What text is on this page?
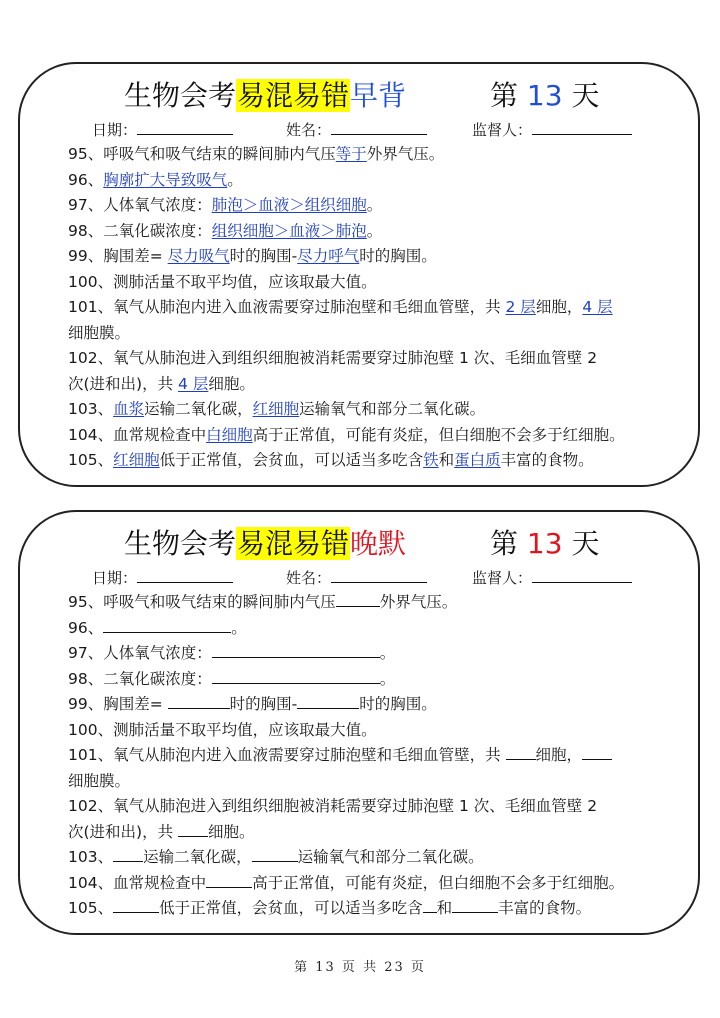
生物会考易混易错早背	第 13 天
日期：	姓名：	监督人：
95、呼吸气和吸气结束的瞬间肺内气压等于外界气压。
96、胸廓扩大导致吸气。
97、人体氧气浓度：肺泡＞血液＞组织细胞。
98、二氧化碳浓度：组织细胞＞血液＞肺泡。
99、胸围差= 尽力吸气时的胸围-尽力呼气时的胸围。
100、测肺活量不取平均值，应该取最大值。
101、氧气从肺泡内进入血液需要穿过肺泡壁和毛细血管壁，共 2 层细胞，4 层
细胞膜。
102、氧气从肺泡进入到组织细胞被消耗需要穿过肺泡壁 1 次、毛细血管壁 2
次(进和出)，共 4 层细胞。
103、血浆运输二氧化碳，红细胞运输氧气和部分二氧化碳。
104、血常规检查中白细胞高于正常值，可能有炎症，但白细胞不会多于红细胞。
105、红细胞低于正常值，会贫血，可以适当多吃含铁和蛋白质丰富的食物。
生物会考易混易错晚默	第 13 天
日期：	姓名：	监督人：
95、呼吸气和吸气结束的瞬间肺内气压	外界气压。
96、	。
97、人体氧气浓度：	。
98、二氧化碳浓度：	。
99、胸围差=	时的胸围-	时的胸围。
100、测肺活量不取平均值，应该取最大值。
101、氧气从肺泡内进入血液需要穿过肺泡壁和毛细血管壁，共 细胞，
细胞膜。
102、氧气从肺泡进入到组织细胞被消耗需要穿过肺泡壁 1 次、毛细血管壁 2
次(进和出)，共 细胞。
103、 运输二氧化碳，	运输氧气和部分二氧化碳。
104、血常规检查中	高于正常值，可能有炎症，但白细胞不会多于红细胞。
105、	低于正常值，会贫血，可以适当多吃含 和	丰富的食物。
第 13 页 共 23 页
